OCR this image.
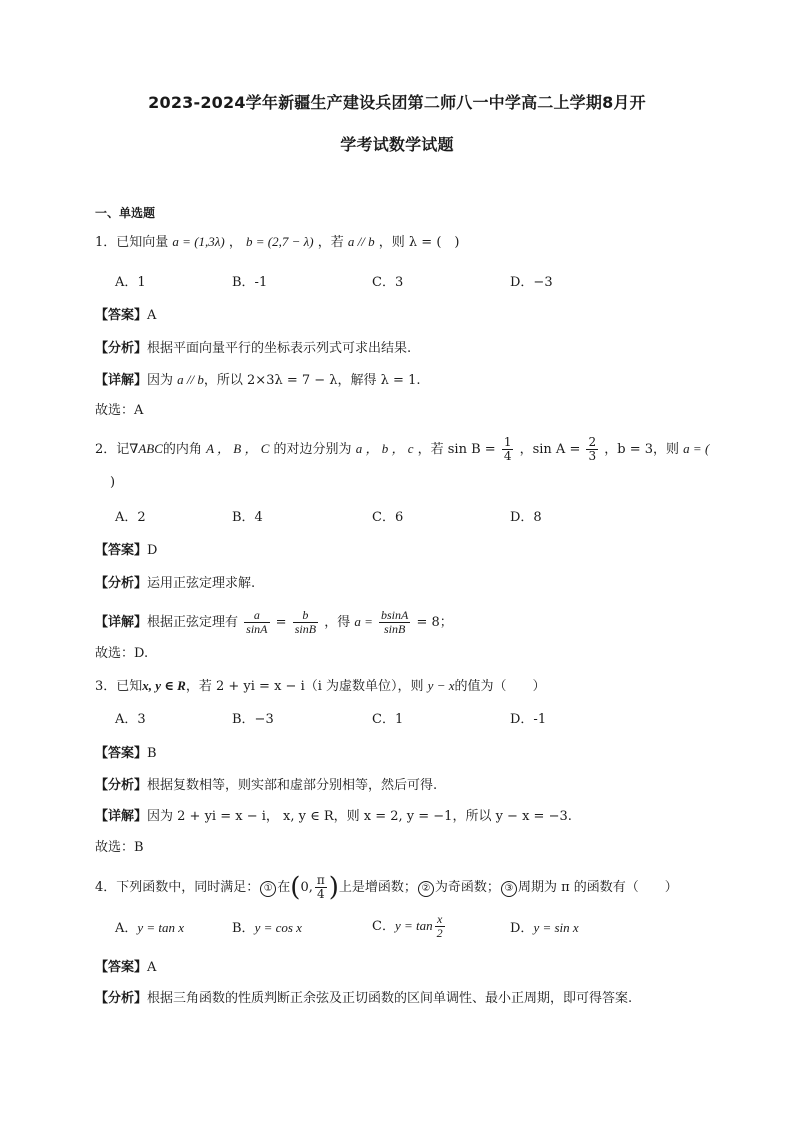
2023-2024学年新疆生产建设兵团第二师八一中学高二上学期8月开
学考试数学试题
一、单选题
1．已知向量 a = (1,3λ) ， b = (2,7 − λ) ，若 a // b ，则 λ = (　)
A．1	B．-1	C．3	D．−3
【答案】A
【分析】根据平面向量平行的坐标表示列式可求出结果.
【详解】因为 a // b，所以 2×3λ = 7 − λ，解得 λ = 1.
故选：A
2．记∇ABC的内角 A ， B ， C 的对边分别为 a ， b ， c ，若 $\sin B = \frac{1}{4}$ ，$\sin A = \frac{2}{3}$ ，b = 3，则 a = (
)
A．2	B．4	C．6	D．8
【答案】D
【分析】运用正弦定理求解.
【详解】根据正弦定理有 $\frac{a}{\sin A} = \frac{b}{\sin B}$ ，得 $a = \frac{bsinA}{\sin B} = 8$；
故选：D.
3．已知x, y ∈ R，若 2 + yi = x − i（i 为虚数单位），则 y − x的值为（　　）
A．3	B．−3	C．1	D．-1
【答案】B
【分析】根据复数相等，则实部和虚部分别相等，然后可得.
【详解】因为 2 + yi = x − i， x, y ∈ R，则 x = 2, y = −1，所以 y − x = −3.
故选：B
4．下列函数中，同时满足： ① 在(0, $\frac{\pi}{4}$ )上是增函数； ② 为奇函数； ③ 周期为 π 的函数有（　　）
A．y = tan x	B．y = cos x	C．$y = \tan \frac{x}{2}$	D．y = sin x
【答案】A
【分析】根据三角函数的性质判断正余弦及正切函数的区间单调性、最小正周期，即可得答案.
